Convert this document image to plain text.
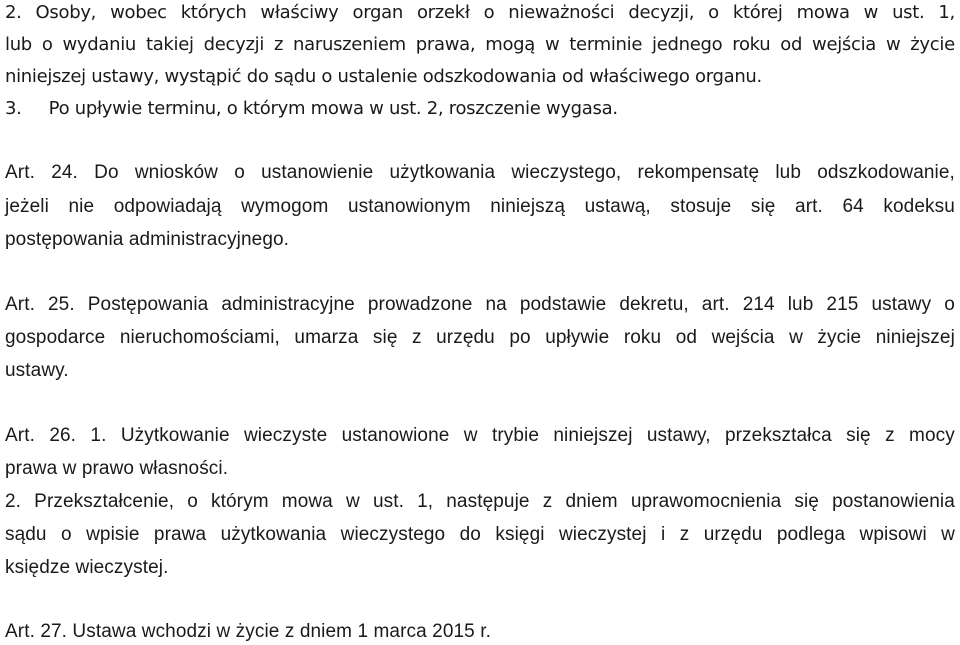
2. Osoby, wobec których właściwy organ orzekł o nieważności decyzji, o której mowa w ust. 1,
lub o wydaniu takiej decyzji z naruszeniem prawa, mogą w terminie jednego roku od wejścia w życie
niniejszej ustawy, wystąpić do sądu o ustalenie odszkodowania od właściwego organu.
3.     Po upływie terminu, o którym mowa w ust. 2, roszczenie wygasa.
Art. 24. Do wniosków o ustanowienie użytkowania wieczystego, rekompensatę lub odszkodowanie,
jeżeli nie odpowiadają wymogom ustanowionym niniejszą ustawą, stosuje się art. 64 kodeksu
postępowania administracyjnego.
Art. 25. Postępowania administracyjne prowadzone na podstawie dekretu, art. 214 lub 215 ustawy o
gospodarce nieruchomościami, umarza się z urzędu po upływie roku od wejścia w życie niniejszej
ustawy.
Art. 26. 1. Użytkowanie wieczyste ustanowione w trybie niniejszej ustawy, przekształca się z mocy
prawa w prawo własności.
2. Przekształcenie, o którym mowa w ust. 1, następuje z dniem uprawomocnienia się postanowienia
sądu o wpisie prawa użytkowania wieczystego do księgi wieczystej i z urzędu podlega wpisowi w
księdze wieczystej.
Art. 27. Ustawa wchodzi w życie z dniem 1 marca 2015 r.
